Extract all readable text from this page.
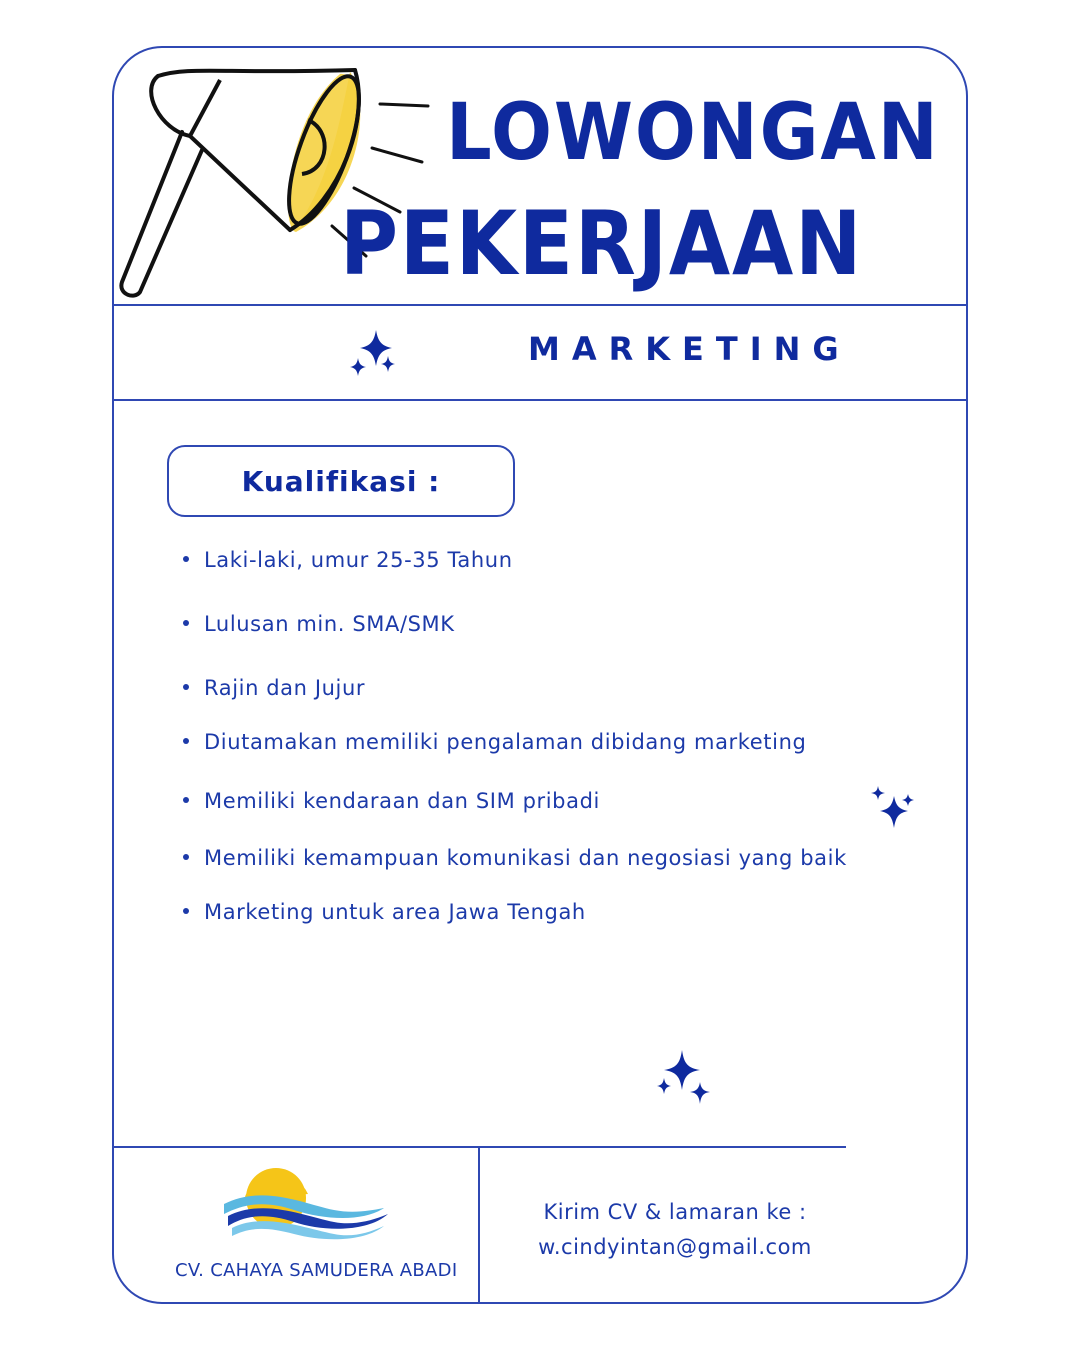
LOWONGAN
PEKERJAAN
MARKETING
Kualifikasi :
Laki-laki, umur 25-35 Tahun
Lulusan min. SMA/SMK
Rajin dan Jujur
Diutamakan memiliki pengalaman dibidang marketing
Memiliki kendaraan dan SIM pribadi
Memiliki kemampuan komunikasi dan negosiasi yang baik
Marketing untuk area Jawa Tengah
CV. CAHAYA SAMUDERA ABADI
Kirim CV & lamaran ke :
w.cindyintan@gmail.com
